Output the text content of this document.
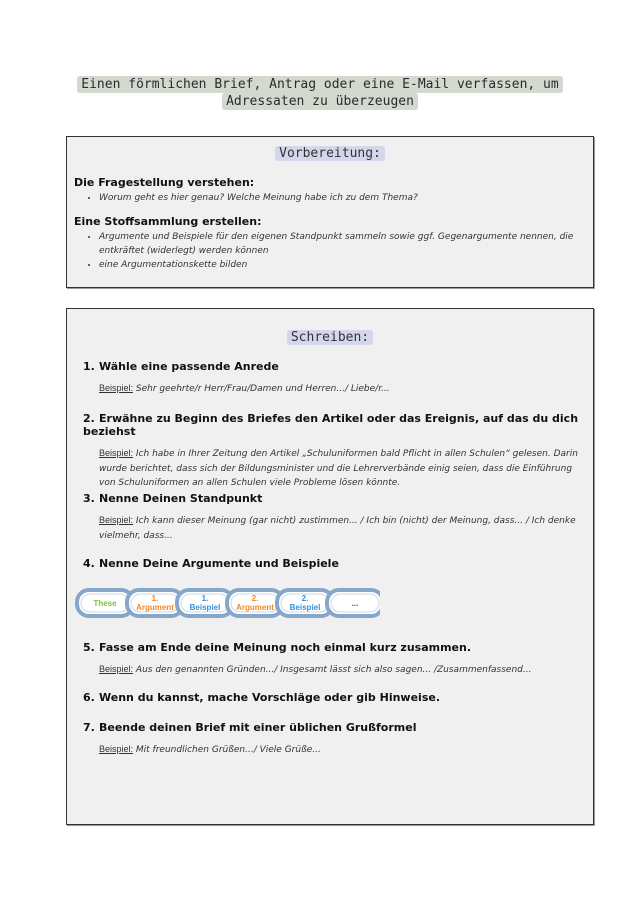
Einen förmlichen Brief, Antrag oder eine E-Mail verfassen, um
Adressaten zu überzeugen
Vorbereitung:
Die Fragestellung verstehen:
• Worum geht es hier genau? Welche Meinung habe ich zu dem Thema?
Eine Stoffsammlung erstellen:
• Argumente und Beispiele für den eigenen Standpunkt sammeln sowie ggf. Gegenargumente nennen, die entkräftet (widerlegt) werden können
• eine Argumentationskette bilden
Schreiben:
1. Wähle eine passende Anrede
Beispiel: Sehr geehrte/r Herr/Frau/Damen und Herren.../ Liebe/r...
2. Erwähne zu Beginn des Briefes den Artikel oder das Ereignis, auf das du dich beziehst
Beispiel: Ich habe in Ihrer Zeitung den Artikel „Schuluniformen bald Pflicht in allen Schulen“ gelesen. Darin wurde berichtet, dass sich der Bildungsminister und die Lehrerverbände einig seien, dass die Einführung von Schuluniformen an allen Schulen viele Probleme lösen könnte.
3. Nenne Deinen Standpunkt
Beispiel: Ich kann dieser Meinung (gar nicht) zustimmen... / Ich bin (nicht) der Meinung, dass... / Ich denke vielmehr, dass...
4. Nenne Deine Argumente und Beispiele
These
1.
Argument
1.
Beispiel
2.
Argument
2.
Beispiel	...
5. Fasse am Ende deine Meinung noch einmal kurz zusammen.
Beispiel: Aus den genannten Gründen.../ Insgesamt lässt sich also sagen... /Zusammenfassend...
6. Wenn du kannst, mache Vorschläge oder gib Hinweise.
7. Beende deinen Brief mit einer üblichen Grußformel
Beispiel: Mit freundlichen Grüßen.../ Viele Grüße...
